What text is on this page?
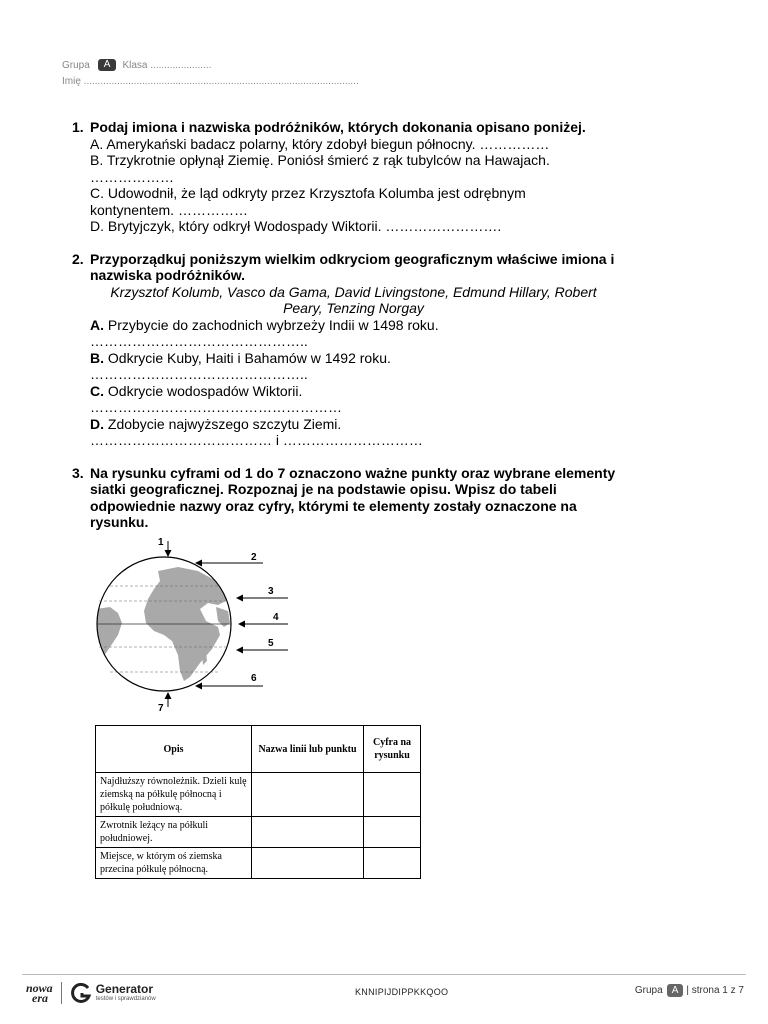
Grupa	A	Klasa ......................
Imię ...................................................................................................
1. Podaj imiona i nazwiska podróżników, których dokonania opisano poniżej.
A. Amerykański badacz polarny, który zdobył biegun północny. ……………
B. Trzykrotnie opłynął Ziemię. Poniósł śmierć z rąk tubylców na Hawajach.
………………
C. Udowodnił, że ląd odkryty przez Krzysztofa Kolumba jest odrębnym
kontynentem. ……………
D. Brytyjczyk, który odkrył Wodospady Wiktorii. …………………….
2. Przyporządkuj poniższym wielkim odkryciom geograficznym właściwe imiona i nazwiska podróżników.
Krzysztof Kolumb, Vasco da Gama, David Livingstone, Edmund Hillary, Robert
Peary, Tenzing Norgay
A. Przybycie do zachodnich wybrzeży Indii w 1498 roku.
………………………………………..
B. Odkrycie Kuby, Haiti i Bahamów w 1492 roku.
………………………………………..
C. Odkrycie wodospadów Wiktorii.
………………………………………………
D. Zdobycie najwyższego szczytu Ziemi.
………………………………… i …………………………
3. Na rysunku cyframi od 1 do 7 oznaczono ważne punkty oraz wybrane elementy siatki geograficznej. Rozpoznaj je na podstawie opisu. Wpisz do tabeli odpowiednie nazwy oraz cyfry, którymi te elementy zostały oznaczone na rysunku.
1
2
3
4
5
6
7
Opis	Nazwa linii lub punktu	Cyfra na rysunku
Najdłuższy równoleżnik. Dzieli kulę ziemską na półkulę północną i półkulę południową.		
Zwrotnik leżący na półkuli południowej.		
Miejsce, w którym oś ziemska przecina półkulę północną.		
nowa
era
Generator
testów i sprawdzianów
KNNIPIJDIPPKKQOO	Grupa A | strona 1 z 7
